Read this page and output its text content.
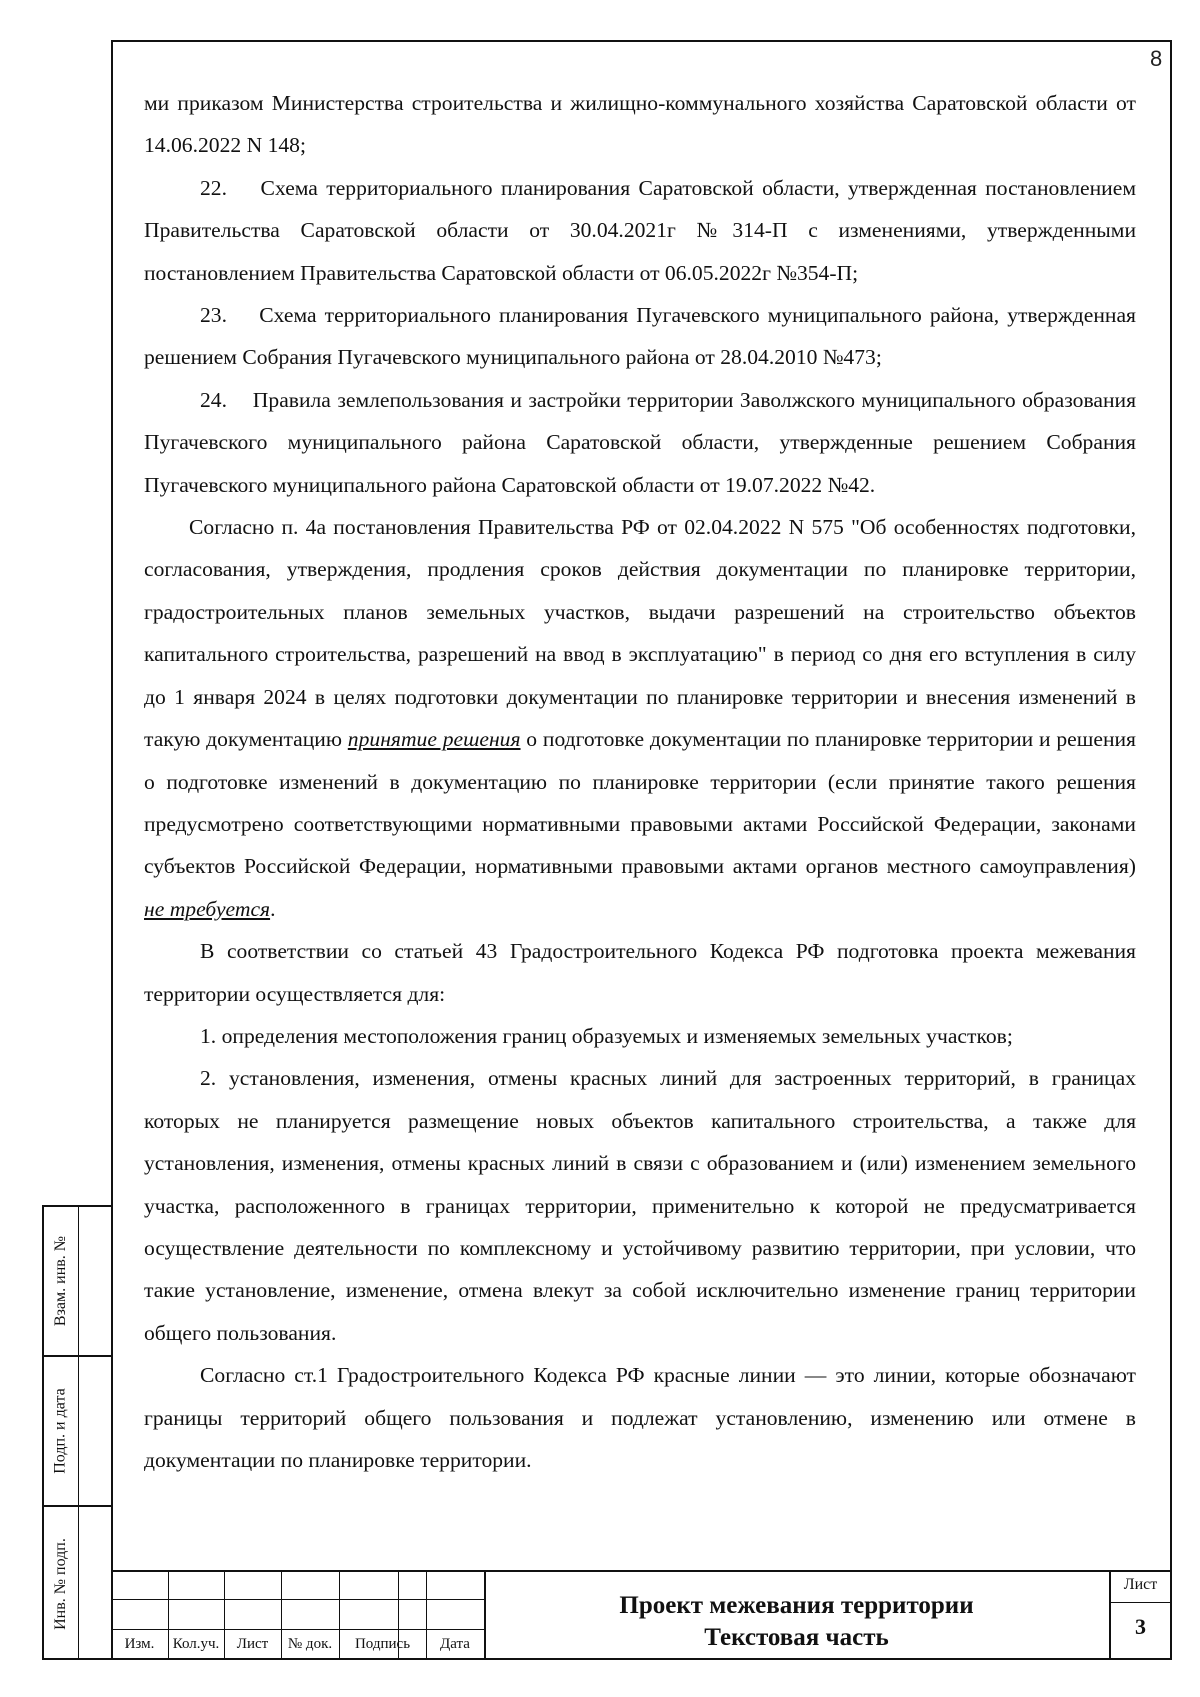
8

ми приказом Министерства строительства и жилищно-коммунального хозяйства Саратовской области от 14.06.2022 N 148;

22.    Схема территориального планирования Саратовской области, утвержденная постановлением Правительства Саратовской области от 30.04.2021г №314-П с изменениями, утвержденными постановлением Правительства Саратовской области от 06.05.2022г №354-П;

23.    Схема территориального планирования Пугачевского муниципального района, утвержденная решением Собрания Пугачевского муниципального района от 28.04.2010 №473;

24.    Правила землепользования и застройки территории Заволжского муниципального образования Пугачевского муниципального района Саратовской области, утвержденные решением Собрания Пугачевского муниципального района Саратовской области от 19.07.2022 №42.

Согласно п. 4а постановления Правительства РФ от 02.04.2022 N 575 "Об особенностях подготовки, согласования, утверждения, продления сроков действия документации по планировке территории, градостроительных планов земельных участков, выдачи разрешений на строительство объектов капитального строительства, разрешений на ввод в эксплуатацию" в период со дня его вступления в силу до 1 января 2024 в целях подготовки документации по планировке территории и внесения изменений в такую документацию принятие решения о подготовке документации по планировке территории и решения о подготовке изменений в документацию по планировке территории (если принятие такого решения предусмотрено соответствующими нормативными правовыми актами Российской Федерации, законами субъектов Российской Федерации, нормативными правовыми актами органов местного самоуправления) не требуется.

В соответствии со статьей 43 Градостроительного Кодекса РФ подготовка проекта межевания территории осуществляется для:

1. определения местоположения границ образуемых и изменяемых земельных участков;

2. установления, изменения, отмены красных линий для застроенных территорий, в границах которых не планируется размещение новых объектов капитального строительства, а также для установления, изменения, отмены красных линий в связи с образованием и (или) изменением земельного участка, расположенного в границах территории, применительно к которой не предусматривается осуществление деятельности по комплексному и устойчивому развитию территории, при условии, что такие установление, изменение, отмена влекут за собой исключительно изменение границ территории общего пользования.

Согласно ст.1 Градостроительного Кодекса РФ красные линии — это линии, которые обозначают границы территорий общего пользования и подлежат установлению, изменению или отмене в документации по планировке территории.

Взам. инв. №
Подп. и дата
Инв. № подп.
Изм.	Кол.уч.	Лист	№ док.	Подпись	Дата
Проект межевания территории
Текстовая часть
Лист
3
